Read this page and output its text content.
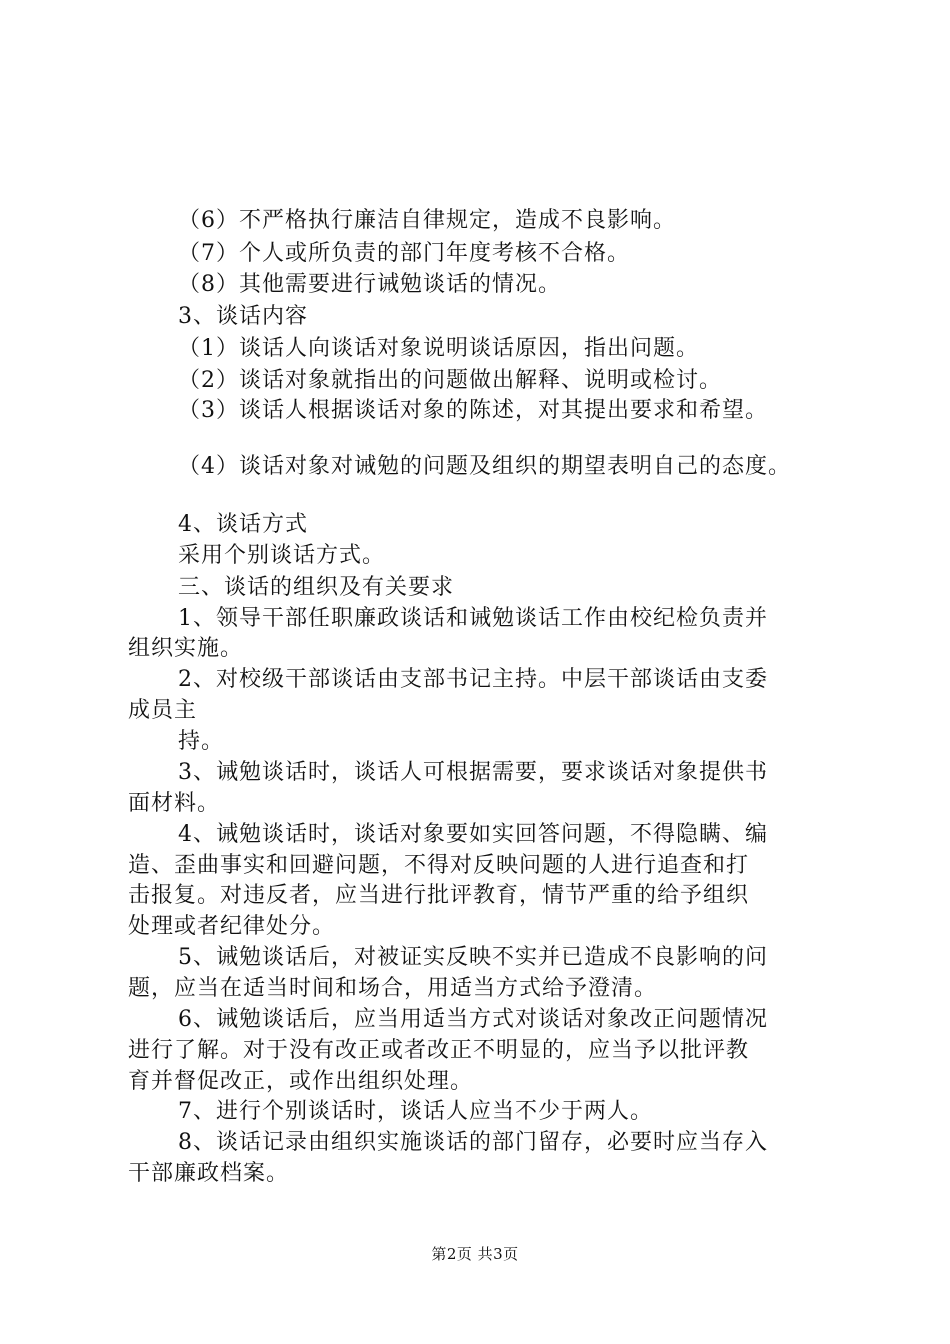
（6）不严格执行廉洁自律规定，造成不良影响。
（7）个人或所负责的部门年度考核不合格。
（8）其他需要进行诫勉谈话的情况。
3、谈话内容
（1）谈话人向谈话对象说明谈话原因，指出问题。
（2）谈话对象就指出的问题做出解释、说明或检讨。
（3）谈话人根据谈话对象的陈述，对其提出要求和希望。
（4）谈话对象对诫勉的问题及组织的期望表明自己的态度。
4、谈话方式
采用个别谈话方式。
三、谈话的组织及有关要求
1、领导干部任职廉政谈话和诫勉谈话工作由校纪检负责并
组织实施。
2、对校级干部谈话由支部书记主持。中层干部谈话由支委
成员主
持。
3、诫勉谈话时，谈话人可根据需要，要求谈话对象提供书
面材料。
4、诫勉谈话时，谈话对象要如实回答问题，不得隐瞒、编
造、歪曲事实和回避问题，不得对反映问题的人进行追查和打
击报复。对违反者，应当进行批评教育，情节严重的给予组织
处理或者纪律处分。
5、诫勉谈话后，对被证实反映不实并已造成不良影响的问
题，应当在适当时间和场合，用适当方式给予澄清。
6、诫勉谈话后，应当用适当方式对谈话对象改正问题情况
进行了解。对于没有改正或者改正不明显的，应当予以批评教
育并督促改正，或作出组织处理。
7、进行个别谈话时，谈话人应当不少于两人。
8、谈话记录由组织实施谈话的部门留存，必要时应当存入
干部廉政档案。
第2页 共3页
